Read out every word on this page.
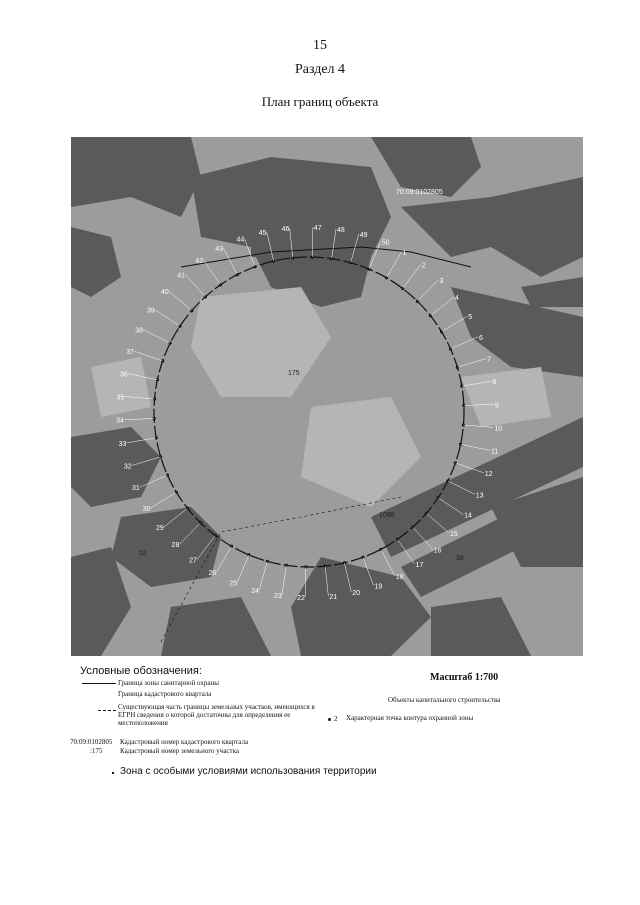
15
Раздел 4
План границ объекта
1
2
3
4
5
6
7
8
9
10
11
12
13
14
15
16
17
18
19
20
21
22
23
24
25
26
27
28
29
30
31
32
33
34
35
36
37
38
39
40
41
42
43
44
45
46	47 48
49
50
70:09:0102805
175
1088
52
38
Условные обозначения:
Масштаб 1:700
Граница зоны санитарной охраны
Граница кадастрового квартала
Объекты капитального строительства
Существующая часть границы земельных участков, имеющихся в ЕГРН сведения о которой достаточны для определения ее местоположения	2 Характерная точка контура охранной зоны
70:09:0102805 Кадастровый номер кадастрового квартала
:175	Кадастровый номер земельного участка
Зона с особыми условиями использования территории
